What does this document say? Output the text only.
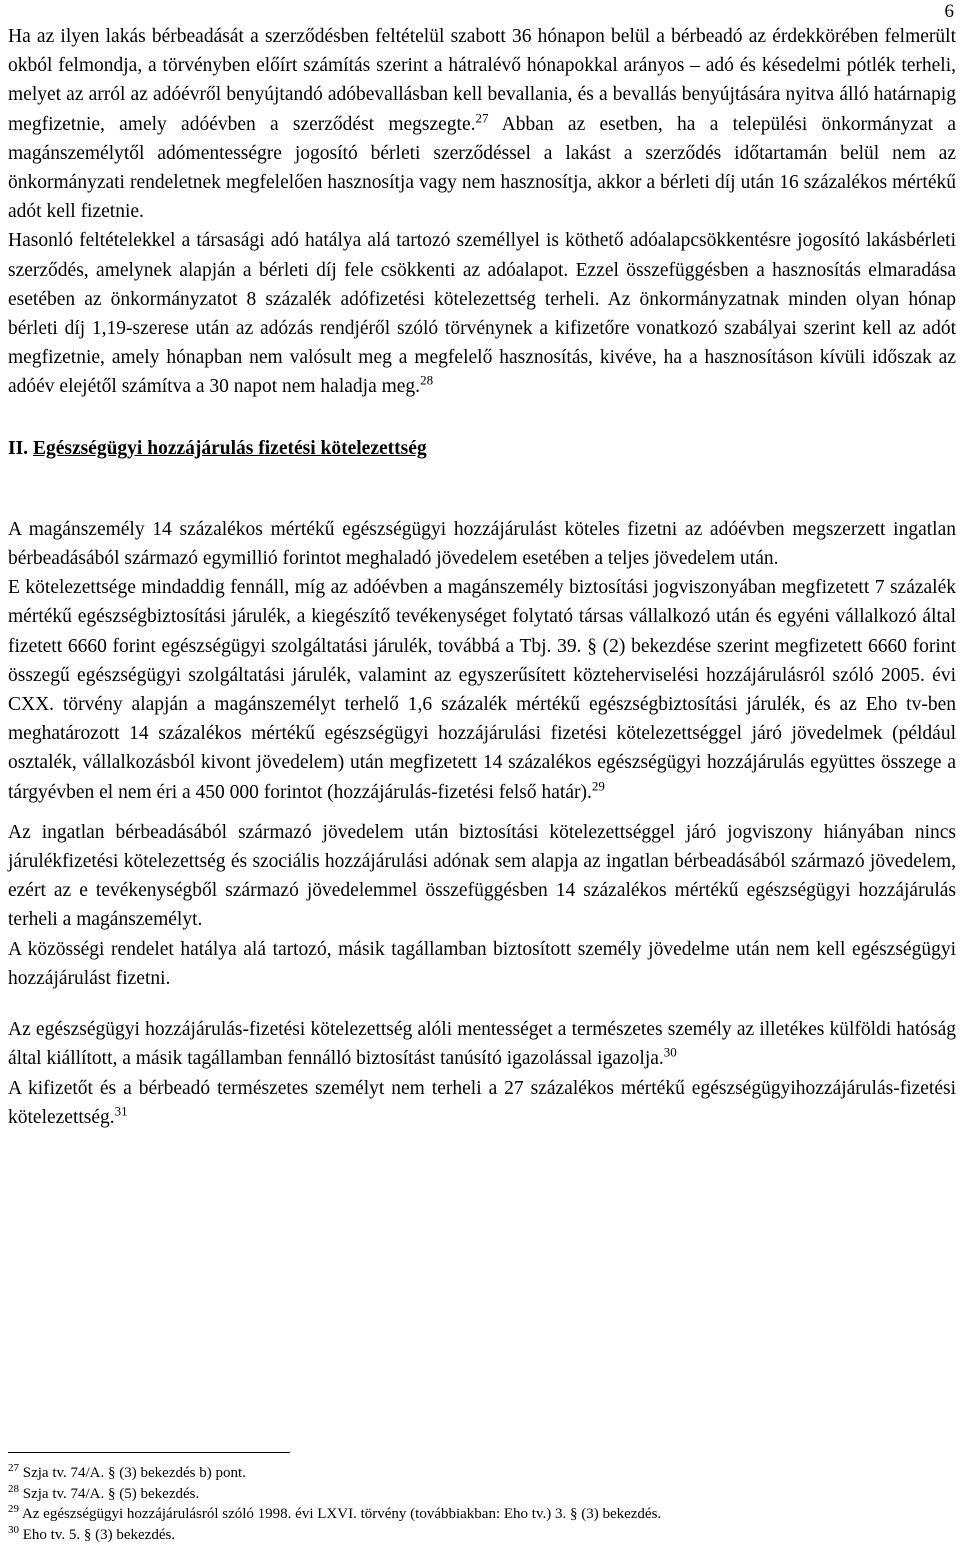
6

Ha az ilyen lakás bérbeadását a szerződésben feltételül szabott 36 hónapon belül a bérbeadó az érdekkörében felmerült okból felmondja, a törvényben előírt számítás szerint a hátralévő hónapokkal arányos – adó és késedelmi pótlék terheli, melyet az arról az adóévről benyújtandó adóbevallásban kell bevallania, és a bevallás benyújtására nyitva álló határnapig megfizetnie, amely adóévben a szerződést megszegte.$^{27}$ Abban az esetben, ha a települési önkormányzat a magánszemélytől adómentességre jogosító bérleti szerződéssel a lakást a szerződés időtartamán belül nem az önkormányzati rendeletnek megfelelően hasznosítja vagy nem hasznosítja, akkor a bérleti díj után 16 százalékos mértékű adót kell fizetnie.

Hasonló feltételekkel a társasági adó hatálya alá tartozó személlyel is köthető adóalapcsökkentésre jogosító lakásbérleti szerződés, amelynek alapján a bérleti díj fele csökkenti az adóalapot. Ezzel összefüggésben a hasznosítás elmaradása esetében az önkormányzatot 8 százalék adófizetési kötelezettség terheli. Az önkormányzatnak minden olyan hónap bérleti díj 1,19-szerese után az adózás rendjéről szóló törvénynek a kifizetőre vonatkozó szabályai szerint kell az adót megfizetnie, amely hónapban nem valósult meg a megfelelő hasznosítás, kivéve, ha a hasznosításon kívüli időszak az adóév elejétől számítva a 30 napot nem haladja meg.$^{28}$

II. Egészségügyi hozzájárulás fizetési kötelezettség

A magánszemély 14 százalékos mértékű egészségügyi hozzájárulást köteles fizetni az adóévben megszerzett ingatlan bérbeadásából származó egymillió forintot meghaladó jövedelem esetében a teljes jövedelem után.

E kötelezettsége mindaddig fennáll, míg az adóévben a magánszemély biztosítási jogviszonyában megfizetett 7 százalék mértékű egészségbiztosítási járulék, a kiegészítő tevékenységet folytató társas vállalkozó után és egyéni vállalkozó által fizetett 6660 forint egészségügyi szolgáltatási járulék, továbbá a Tbj. 39. § (2) bekezdése szerint megfizetett 6660 forint összegű egészségügyi szolgáltatási járulék, valamint az egyszerűsített közteherviselési hozzájárulásról szóló 2005. évi CXX. törvény alapján a magánszemélyt terhelő 1,6 százalék mértékű egészségbiztosítási járulék, és az Eho tv-ben meghatározott 14 százalékos mértékű egészségügyi hozzájárulási fizetési kötelezettséggel járó jövedelmek (például osztalék, vállalkozásból kivont jövedelem) után megfizetett 14 százalékos egészségügyi hozzájárulás együttes összege a tárgyévben el nem éri a 450 000 forintot (hozzájárulás-fizetési felső határ).$^{29}$

Az ingatlan bérbeadásából származó jövedelem után biztosítási kötelezettséggel járó jogviszony hiányában nincs járulékfizetési kötelezettség és szociális hozzájárulási adónak sem alapja az ingatlan bérbeadásából származó jövedelem, ezért az e tevékenységből származó jövedelemmel összefüggésben 14 százalékos mértékű egészségügyi hozzájárulás terheli a magánszemélyt.

A közösségi rendelet hatálya alá tartozó, másik tagállamban biztosított személy jövedelme után nem kell egészségügyi hozzájárulást fizetni.

Az egészségügyi hozzájárulás-fizetési kötelezettség alóli mentességet a természetes személy az illetékes külföldi hatóság által kiállított, a másik tagállamban fennálló biztosítást tanúsító igazolással igazolja.$^{30}$

A kifizetőt és a bérbeadó természetes személyt nem terheli a 27 százalékos mértékű egészségügyihozzájárulás-fizetési kötelezettség.$^{31}$

$^{27}$ Szja tv. 74/A. § (3) bekezdés b) pont.

$^{28}$ Szja tv. 74/A. § (5) bekezdés.

$^{29}$ Az egészségügyi hozzájárulásról szóló 1998. évi LXVI. törvény (továbbiakban: Eho tv.) 3. § (3) bekezdés.

$^{30}$ Eho tv. 5. § (3) bekezdés.
